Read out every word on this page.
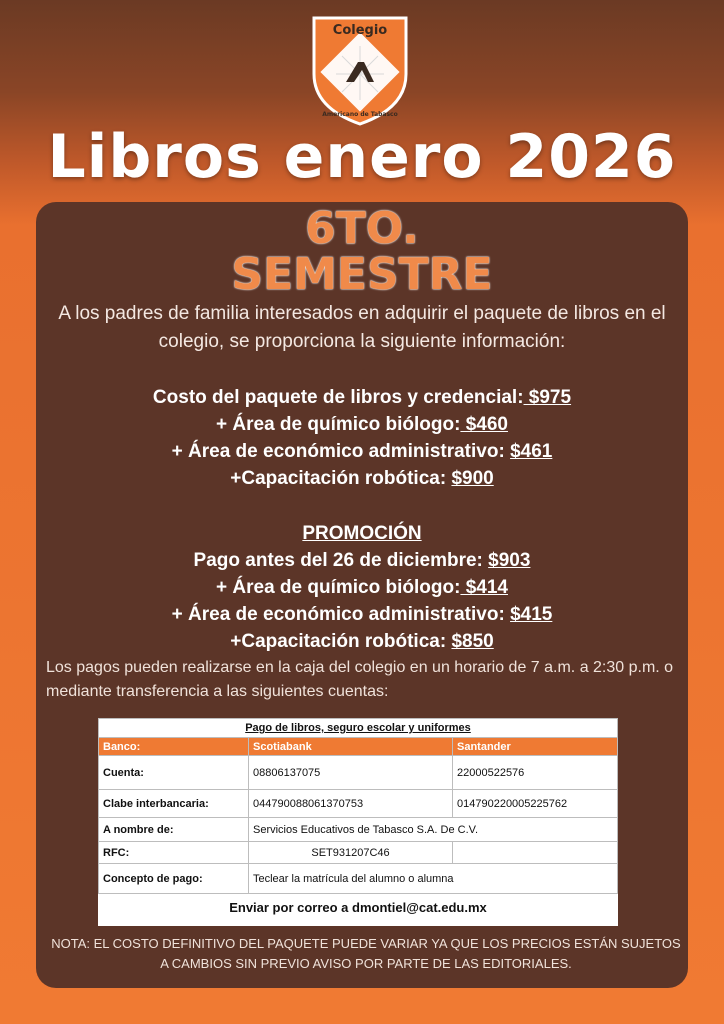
Colegio
Americano de Tabasco
Libros enero 2026
6TO.
SEMESTRE
A los padres de familia interesados en adquirir el paquete de libros en el colegio, se proporciona la siguiente información:
Costo del paquete de libros y credencial: $975
+ Área de químico biólogo: $460
+ Área de económico administrativo: $461
+Capacitación robótica: $900
PROMOCIÓN
Pago antes del 26 de diciembre: $903
+ Área de químico biólogo: $414
+ Área de económico administrativo: $415
+Capacitación robótica: $850
Los pagos pueden realizarse en la caja del colegio en un horario de 7 a.m. a 2:30 p.m. o mediante transferencia a las siguientes cuentas:
Pago de libros, seguro escolar y uniformes		
Banco:	Scotiabank	Santander
Cuenta:	08806137075	22000522576
Clabe interbancaria:	044790088061370753	014790220005225762
A nombre de:	Servicios Educativos de Tabasco S.A. De C.V.	
RFC:	SET931207C46	
Concepto de pago:	Teclear la matrícula del alumno o alumna	
Enviar por correo a dmontiel@cat.edu.mx
NOTA: EL COSTO DEFINITIVO DEL PAQUETE PUEDE VARIAR YA QUE LOS PRECIOS ESTÁN SUJETOS A CAMBIOS SIN PREVIO AVISO POR PARTE DE LAS EDITORIALES.
